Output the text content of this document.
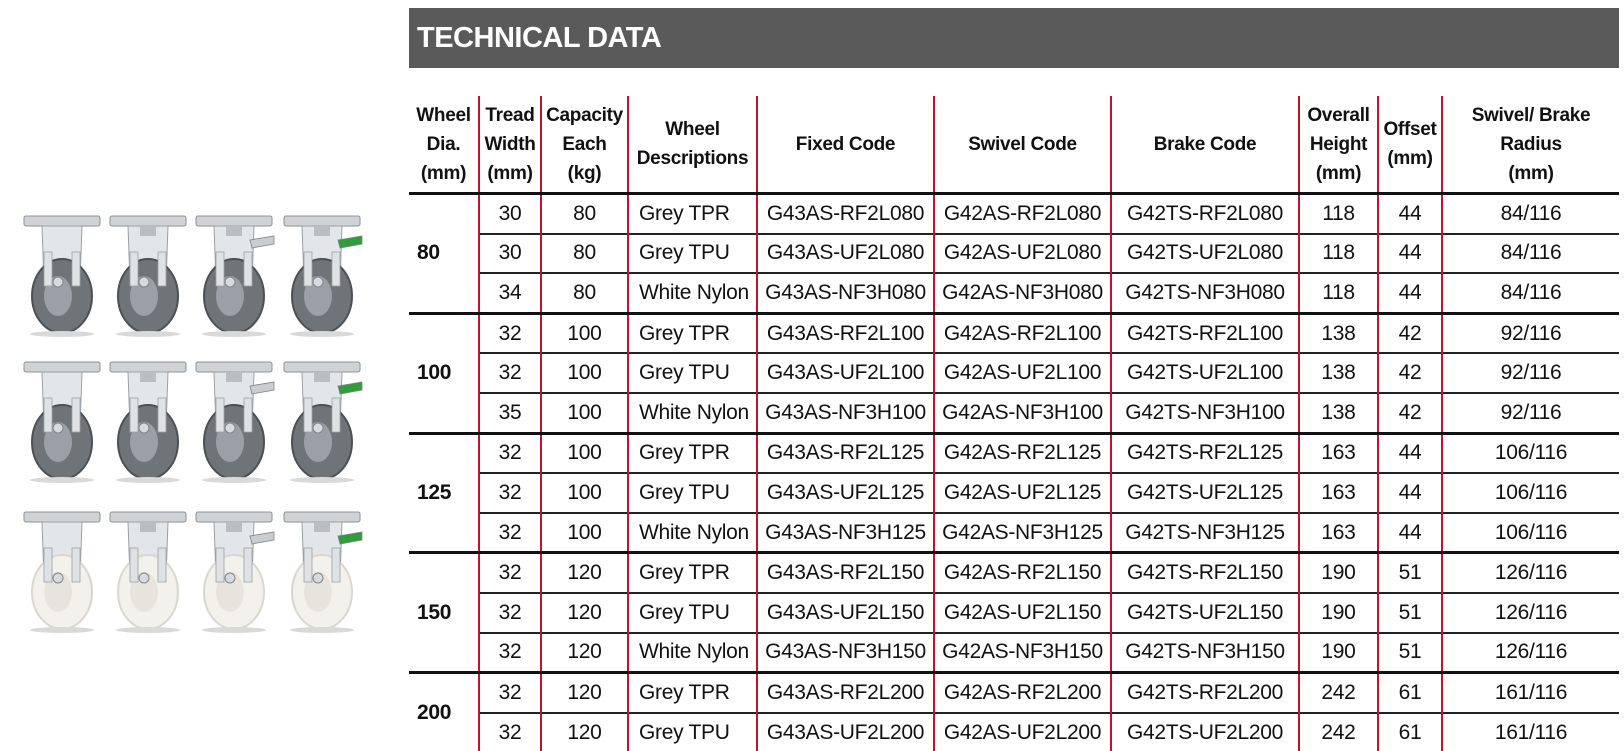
TECHNICAL DATA
Wheel
Dia.
(mm)	Tread
Width
(mm)	Capacity
Each
(kg)	Wheel
Descriptions	Fixed Code	Swivel Code	Brake Code	Overall
Height
(mm)	Offset
(mm)	Swivel/ Brake
Radius
(mm)
80	30	80	Grey TPR	G43AS-RF2L080	G42AS-RF2L080	G42TS-RF2L080	118	44	84/116
	30	80	Grey TPU	G43AS-UF2L080	G42AS-UF2L080	G42TS-UF2L080	118	44	84/116
	34	80	White Nylon	G43AS-NF3H080	G42AS-NF3H080	G42TS-NF3H080	118	44	84/116
100	32	100	Grey TPR	G43AS-RF2L100	G42AS-RF2L100	G42TS-RF2L100	138	42	92/116
	32	100	Grey TPU	G43AS-UF2L100	G42AS-UF2L100	G42TS-UF2L100	138	42	92/116
	35	100	White Nylon	G43AS-NF3H100	G42AS-NF3H100	G42TS-NF3H100	138	42	92/116
125	32	100	Grey TPR	G43AS-RF2L125	G42AS-RF2L125	G42TS-RF2L125	163	44	106/116
	32	100	Grey TPU	G43AS-UF2L125	G42AS-UF2L125	G42TS-UF2L125	163	44	106/116
	32	100	White Nylon	G43AS-NF3H125	G42AS-NF3H125	G42TS-NF3H125	163	44	106/116
150	32	120	Grey TPR	G43AS-RF2L150	G42AS-RF2L150	G42TS-RF2L150	190	51	126/116
	32	120	Grey TPU	G43AS-UF2L150	G42AS-UF2L150	G42TS-UF2L150	190	51	126/116
	32	120	White Nylon	G43AS-NF3H150	G42AS-NF3H150	G42TS-NF3H150	190	51	126/116
200	32	120	Grey TPR	G43AS-RF2L200	G42AS-RF2L200	G42TS-RF2L200	242	61	161/116
	32	120	Grey TPU	G43AS-UF2L200	G42AS-UF2L200	G42TS-UF2L200	242	61	161/116
